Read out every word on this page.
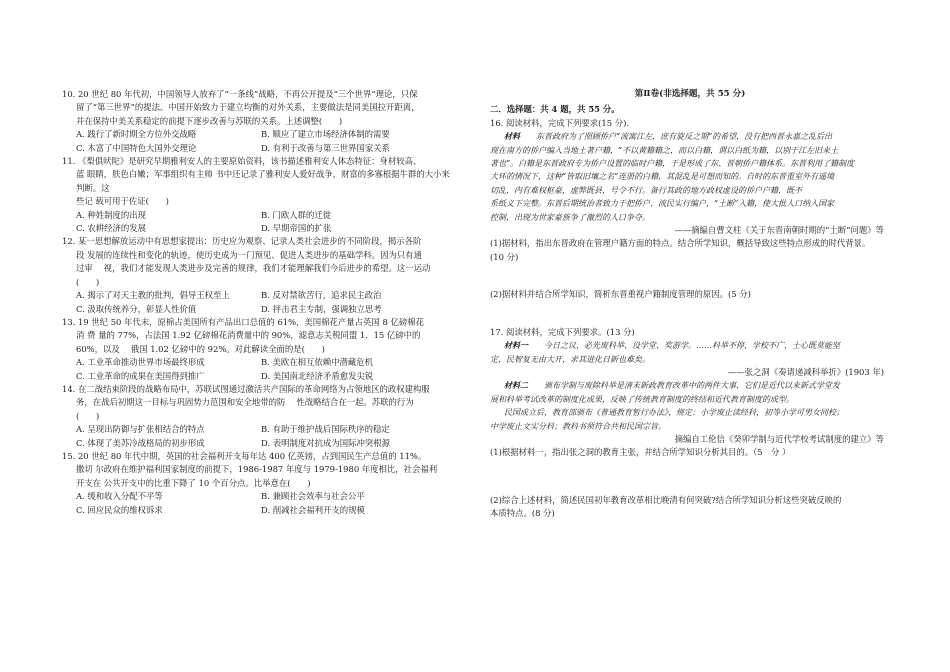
10. 20 世纪 80 年代初，中国领导人放弃了“一条线”战略，不再公开提及“三个世界”理论，只保

留了“第三世界”的提法。中国开始致力于建立均衡的对外关系，主要做法是同美国拉开距离，

并在保持中美关系稳定的前提下逐步改善与苏联的关系。上述调整(　　)

A. 践行了新时期全方位外交战略	B. 顺应了建立市场经济体制的需要
C. 木富了中国特色大国外交理论	D. 有利于改善与第三世界国家关系

11. 《梨俱吠陀》是研究早期雅利安人的主要原始资料，该书描述雅利安人体态特征：身材较高、

蓝 眼睛，肤色白嫩；军事组织有主帅 书中还记录了雅利安人爱好战争，财富的多寡根据牛群的大小来判断。这

些记 载可用于佐证(　　)

A. 种姓制度的出现	B. 门欧人群的迁徙
C. 农耕经济的发展	D. 早期帝国的扩张

12. 某一思想解放运动中有思想家提出：历史应为观察、记录人类社会进步的不同阶段，揭示各阶

段 发展的连续性和变化的轨迹，使历史成为一门预见、促进人类进步的基础学科。因为只有通

过审　 视，我们才能发现人类进步及完善的规律，我们才能理解我们今后进步的希望。这一运动(　　)

A. 揭示了对天主教的批判，倡导王权至上	B. 反对禁欲苦行，追求民主政治
C. 汲取传统养分，彰显人性价值	D. 抨击君主专制，强调独立思考

13. 19 世纪 50 年代末，原棉占美国所有产品出口总值的 61%，美国棉花产量占英国 8 亿磅棉花

消 费 量的 77%，占法国 1.92 亿磅棉花消费量中的 90%，滤意志关税同盟 1．15 亿磅中的

60%，以及　 俄国 1.02 亿磅中的 92%。对此解读全面的是(　　)

A. 工业革命推动世界市场最终形成	B. 美欧在相互依赖中潜藏危机
C. 工业革命的成果在美国得到推广	D. 美国南北经济矛盾愈发尖锐

14. 在二战结束阶段的战略布局中，苏联试图通过激活共产国际的革命网络为占领地区的政权建构服

务，在战后初期这一目标与巩固势力范围和安全地带的防　 性战略结合在一起。苏联的行为

(　　)

A. 呈现出防御与扩张相结合的特点	B. 有助于维护战后国际秩序的稳定
C. 体现了美苏冷战格局的初步形成	D. 表明制度对抗成为国际冲突根源

15. 20 世纪 80 年代中期，英国的社会福利开支每年达 400 亿英镑，占到国民生产总值的 11%。

撒切 尔政府在维护福利国家制度的前提下，1986-1987 年度与 1979-1980 年度相比，社会福利

开支在 公共开支中的比重下降了 10 个百分点。比举意在(　　)

A. 缓和收入分配不平等	B. 兼顾社会效率与社会公平
C. 回应民众的维权诉求	D. 削减社会福利开支的规模

第Ⅱ卷(非选择题，共 55 分)

二．选择题：共 4 题，共 55 分。

16. 阅读材料，完成下列要求(15 分)．

材料　　 东晋政府为了照顾侨户“流寓江左，庶有旋反之期”的希望，没有把西晋永嘉之乱后出

现在南方的侨户编入当地土著户籍，“不以黄籍籍之，而以白籍，谓以白纸为籍，以别于江左旧来土

著也”。白籍是东晋政府专为侨户设置的临时户籍，于是形成了东、晋朝侨户籍体系。东晋利用了籍制度

大环的情况下，这种“皆取旧壤之名”连册的白籍，其混乱是可想而知的。自时的东晋重室外有遥境

切乱，内有难权枢豪，虚弊既县，号令不行。备行其政的地方政权虚设的侨户户籍，既不

系纸义下完整。东晋后期统治者致力于把侨户、流民实行编户，“土断”入籍，使大批人口纳入国家

控制，出现为世家豪族争了激烈的人口争夺。

——摘编自曹文柱《关于东晋南朝时期的“土断”问题》等

(1)据材料，指出东晋政府在管理户籍方面的特点。结合所学知识，概括导致这些特点形成的时代背景。

(10 分)

(2)据材料并结合所学知识，简析东晋重视户籍制度管理的原因。(5 分)

17. 阅读材料，完成下列要求。(13 分)

材料一　　 今日之议，必先废科举、设学堂、奖游学。……科举不停，学校不广，士心既莫能坚

定，民智复无由大开，求其进化日新也难矣。

——张之洞《奏请递减科举折》(1903 年)

材料二　　 颁布学制与废除科举是清末新政教育改革中的两件大事，它们是近代以来新式学堂发

展和科举考试改革的制度化成果，反映了传统教育制度的终结和近代教育制度的成型。

民国成立后，教育部颁布《普通教育暂行办法》，规定：小学废止读经科，初等小学可男女同校；

中学废止文实分科；教科书须符合共和民国宗旨。

摘编自工伦信《癸卯学制与近代学校考试制度的建立》等

(1)根据材料一，指出张之洞的教育主张，并结合所学知识分析其目的。（5　分 ）

(2)综合上述材料，简述民国初年教育改革相比晚清有何突破?结合所学知识分析这些突破反映的

本质特点。(8 分)
